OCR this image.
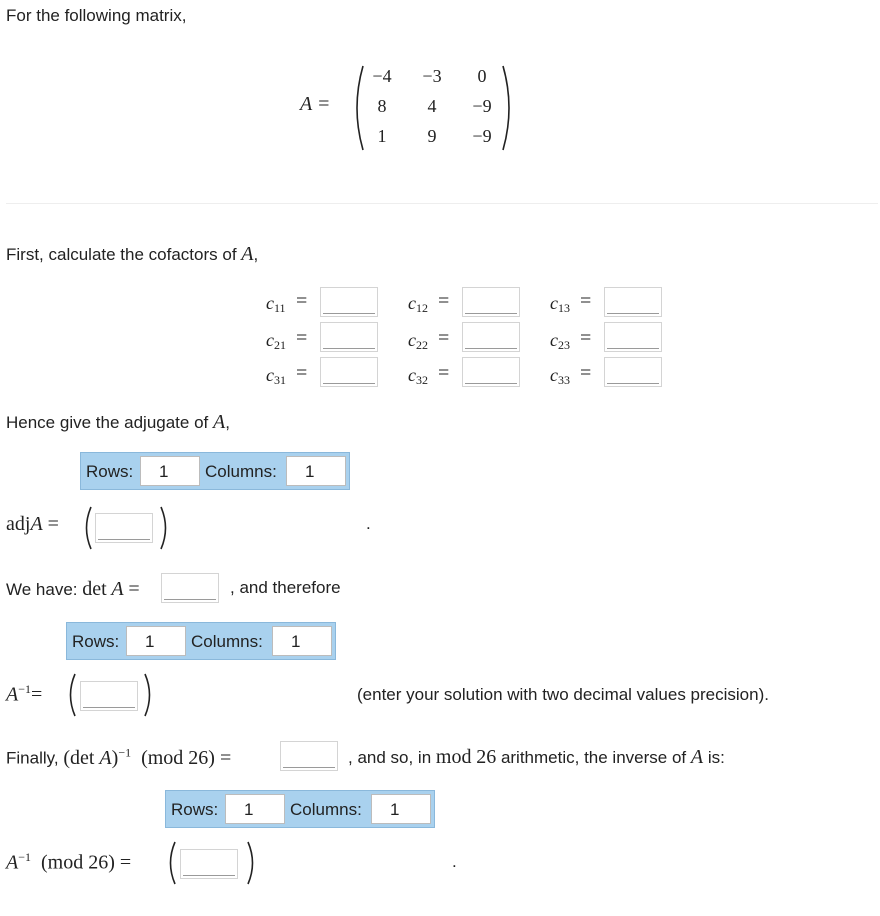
For the following matrix,
A =
−4	−3	0
8	4	−9
1	9	−9
First, calculate the cofactors of A,
$c_{11}$ =	$c_{12}$ =	$c_{13}$ =
$c_{21}$ =	$c_{22}$ =	$c_{23}$ =
$c_{31}$ =	$c_{32}$ =	$c_{33}$ =
Hence give the adjugate of A,
Rows:	1	Columns:	1
adjA =	.
We have: det A =	, and therefore
Rows:	1	Columns:	1
$A^{-1}=$	(enter your solution with two decimal values precision).
Finally, (det A)$^{-1}$ (mod 26) =	, and so, in mod 26 arithmetic, the inverse of A is:
Rows:	1	Columns:	1
$A^{-1}$ (mod 26) =	.
